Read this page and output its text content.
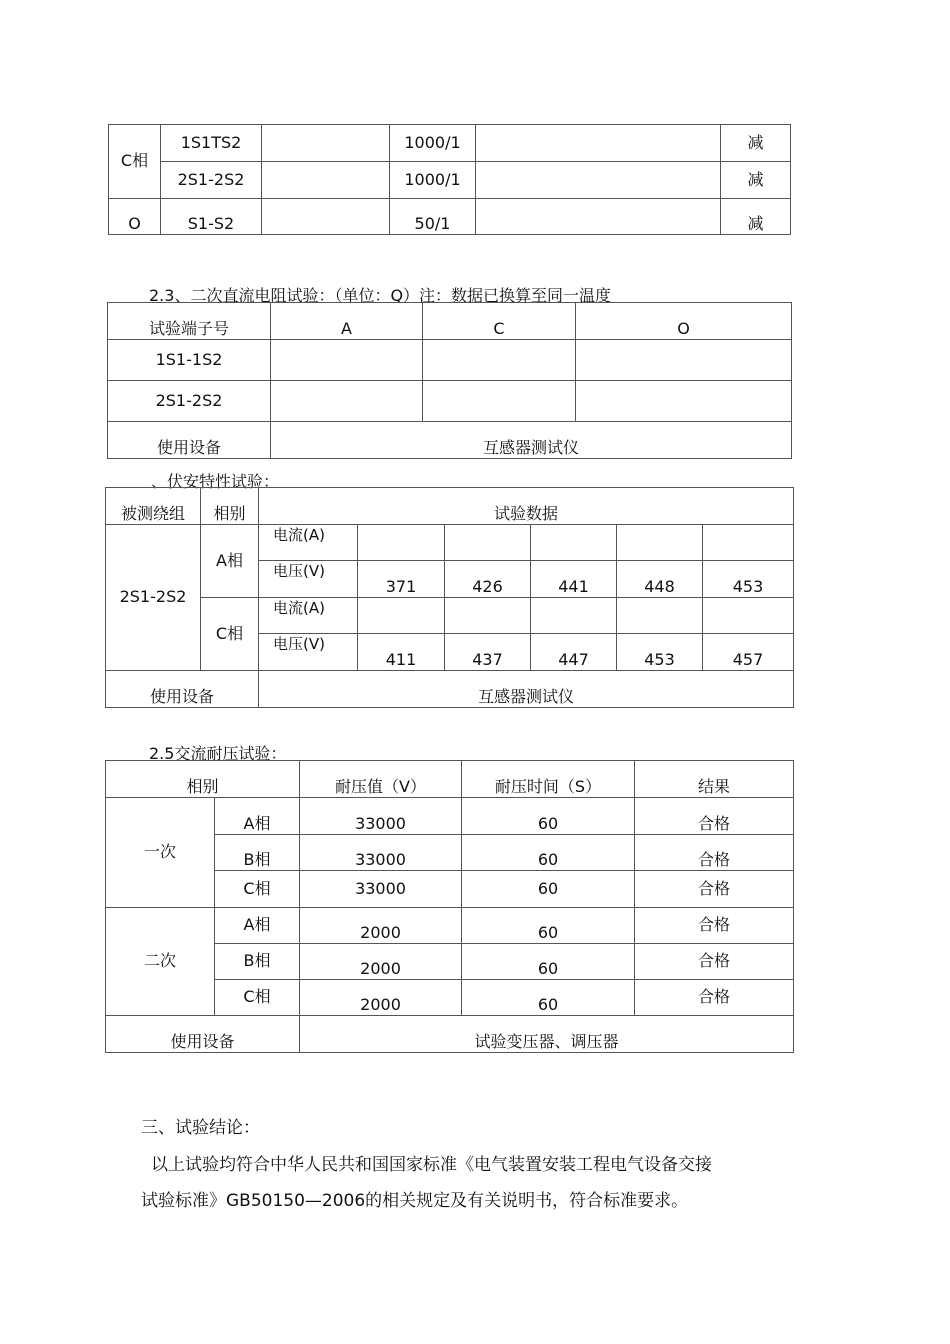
C相	1S1TS2		1000/1		减
	2S1-2S2		1000/1		减
O	S1-S2		50/1		减
2.3、二次直流电阻试验：（单位：Q）注：数据已换算至同一温度
试验端子号	A	C	O
1S1-1S2			
2S1-2S2			
使用设备	互感器测试仪		
、伏安特性试验：
被测绕组	相别	试验数据					
2S1-2S2	A相	电流(A)					
		电压(V)	371	426	441	448	453
	C相	电流(A)					
		电压(V)	411	437	447	453	457
使用设备		互感器测试仪					
2.5交流耐压试验：
相别		耐压值（V）	耐压时间（S）	结果
一次	A相	33000	60	合格
	B相	33000	60	合格
	C相	33000	60	合格
二次	A相	2000	60	合格
	B相	2000	60	合格
	C相	2000	60	合格
使用设备		试验变压器、调压器		

三、试验结论：

以上试验均符合中华人民共和国国家标准《电气装置安装工程电气设备交接

试验标准》GB50150—2006的相关规定及有关说明书，符合标准要求。
